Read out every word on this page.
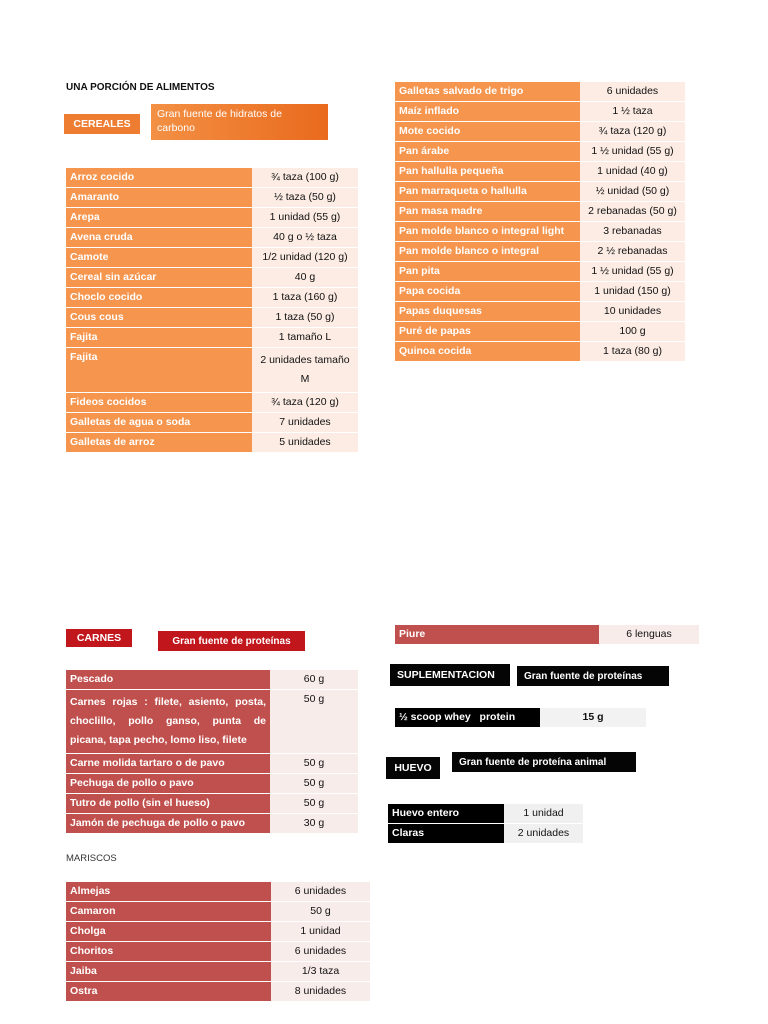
UNA PORCIÓN DE ALIMENTOS
CEREALES
Gran fuente de hidratos de carbono
Arroz cocido	¾ taza (100 g)
Amaranto	½ taza (50 g)
Arepa	1 unidad (55 g)
Avena cruda	40 g o ½ taza
Camote	1/2 unidad (120 g)
Cereal sin azúcar	40 g
Choclo cocido	1 taza (160 g)
Cous cous	1 taza (50 g)
Fajita	1 tamaño L
Fajita	2 unidades tamaño M
Fideos cocidos	¾ taza (120 g)
Galletas de agua o soda	7 unidades
Galletas de arroz	5 unidades
Galletas salvado de trigo	6 unidades
Maíz inflado	1 ½ taza
Mote cocido	¾ taza (120 g)
Pan árabe	1 ½ unidad (55 g)
Pan hallulla pequeña	1 unidad (40 g)
Pan marraqueta o hallulla	½ unidad (50 g)
Pan masa madre	2 rebanadas (50 g)
Pan molde blanco o integral light	3 rebanadas
Pan molde blanco o integral	2 ½ rebanadas
Pan pita	1 ½ unidad (55 g)
Papa cocida	1 unidad (150 g)
Papas duquesas	10 unidades
Puré de papas	100 g
Quinoa cocida	1 taza (80 g)
CARNES	Gran fuente de proteínas
Pescado	60 g
Carnes rojas : filete, asiento, posta, choclillo, pollo ganso, punta de picana, tapa pecho, lomo liso, filete	50 g
Carne molida tartaro o de pavo	50 g
Pechuga de pollo o pavo	50 g
Tutro de pollo (sin el hueso)	50 g
Jamón de pechuga de pollo o pavo	30 g
Piure	6 lenguas
MARISCOS
Almejas	6 unidades
Camaron	50 g
Cholga	1 unidad
Choritos	6 unidades
Jaiba	1/3 taza
Ostra	8 unidades
SUPLEMENTACION	Gran fuente de proteínas
½ scoop whey   protein	15 g
HUEVO	Gran fuente de proteína animal
Huevo entero	1 unidad
Claras	2 unidades
